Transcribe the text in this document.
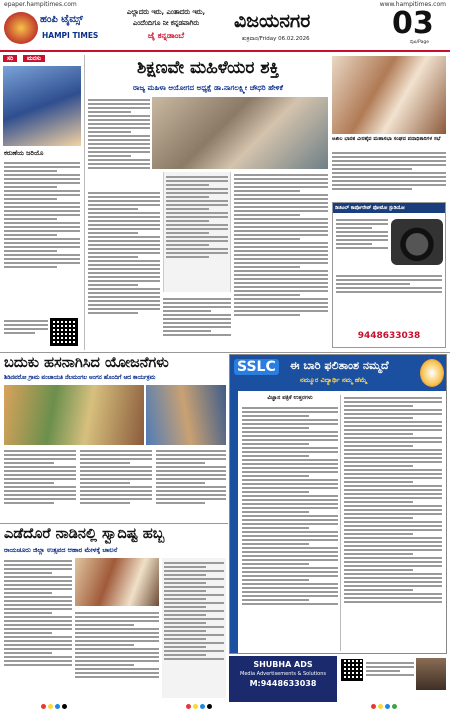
epaper.hampitimes.com	www.hampitimes.com
ಹಂಪಿ ಟೈಮ್ಸ್
HAMPI TIMES
ಎಲ್ಲಾದರು ಇರು, ಎಂತಾದರು ಇರು,
ಎಂದೆಂದಿಗೂ ನೀ ಕನ್ನಡವಾಗಿರು
ಜೈ ಕನ್ನಡಾಂಬೆ
ವಿಜಯನಗರ
ಶುಕ್ರವಾರ/Friday 06.02.2026	03
ಪುಟ/Page
ಸರಿ ಮನಸು
ಕರುಣೆಯ ಜರಿಯೊ
ಶಿಕ್ಷಣವೇ ಮಹಿಳೆಯರ ಶಕ್ತಿ
ರಾಜ್ಯ ಮಹಿಳಾ ಆಯೋಗದ ಅಧ್ಯಕ್ಷೆ ಡಾ.ನಾಗಲಕ್ಷ್ಮೀ ಚೌಧರಿ ಹೇಳಿಕೆ
ಅಖಿಲ ಭಾರತ ವೀರಶೈವ ಮಹಾಸಭಾ ಸಂಘದ ಪದಾಧಿಕಾರಿಗಳ ಸಭೆ
ಡಿಜಿಟಲ್ ಕಾರ್ಪೊರೇಟ್ ಫೋಟೋ ಸ್ಟುಡಿಯೋ
9448633038
ಬದುಕು ಹಸನಾಗಿಸಿದ ಯೋಜನೆಗಳು
ಶಿಡಿನವರೋ ಗ್ರಾಮ ಪಂಚಾಯತಿ ನೆಲಮಂಗಲ ಅಂಗನ ಹೊಂದಿಗೆ ಆದ ಕಾರ್ಯಕ್ರಮ
ಎಡೆದೊರೆ ನಾಡಿನಲ್ಲಿ ಸ್ವಾದಿಷ್ಟ ಹಬ್ಬ
ರಾಯಚೂರು ಜಿಲ್ಲಾ ಉತ್ಸವದ ಆಹಾರ ಮೇಳಕ್ಕೆ ಚಾಲನೆ
SSLC ಈ ಬಾರಿ ಫಲಿತಾಂಶ ನಮ್ಮದೆ
ನಮ್ಮೂರ ವಿದ್ಯಾರ್ಥಿ ನಮ್ಮ ಹೆಮ್ಮೆ
ವಿಜ್ಞಾನ ಪತ್ರಿಕೆ ಉತ್ತರಗಳು
SHUBHA ADS
Media Advertisements & Solutions
M:9448633038
